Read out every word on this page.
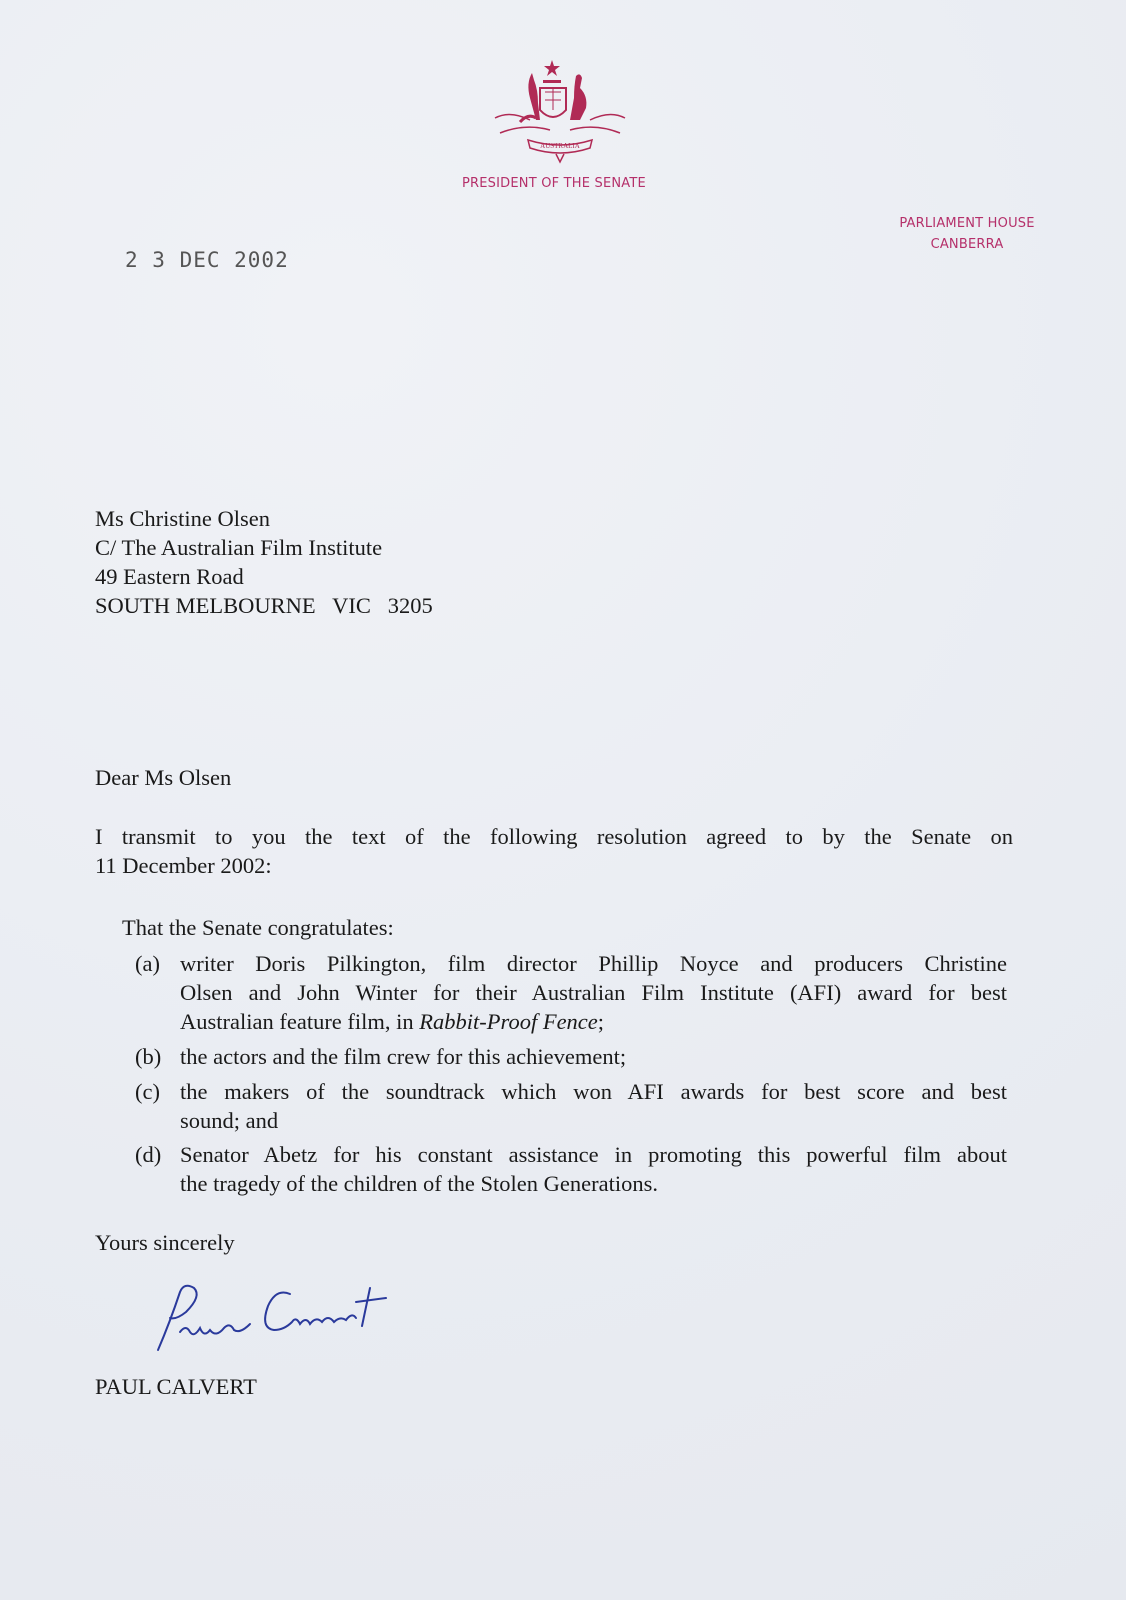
AUSTRALIA
PRESIDENT OF THE SENATE
PARLIAMENT HOUSE
CANBERRA
2 3 DEC 2002
Ms Christine Olsen
C/ The Australian Film Institute
49 Eastern Road
SOUTH MELBOURNE   VIC   3205
Dear Ms Olsen
I transmit to you the text of the following resolution agreed to by the Senate on
11 December 2002:
That the Senate congratulates:
(a) writer Doris Pilkington, film director Phillip Noyce and producers Christine
Olsen and John Winter for their Australian Film Institute (AFI) award for best
Australian feature film, in Rabbit-Proof Fence;
(b) the actors and the film crew for this achievement;
(c) the makers of the soundtrack which won AFI awards for best score and best
sound; and
(d) Senator Abetz for his constant assistance in promoting this powerful film about
the tragedy of the children of the Stolen Generations.
Yours sincerely
PAUL CALVERT
